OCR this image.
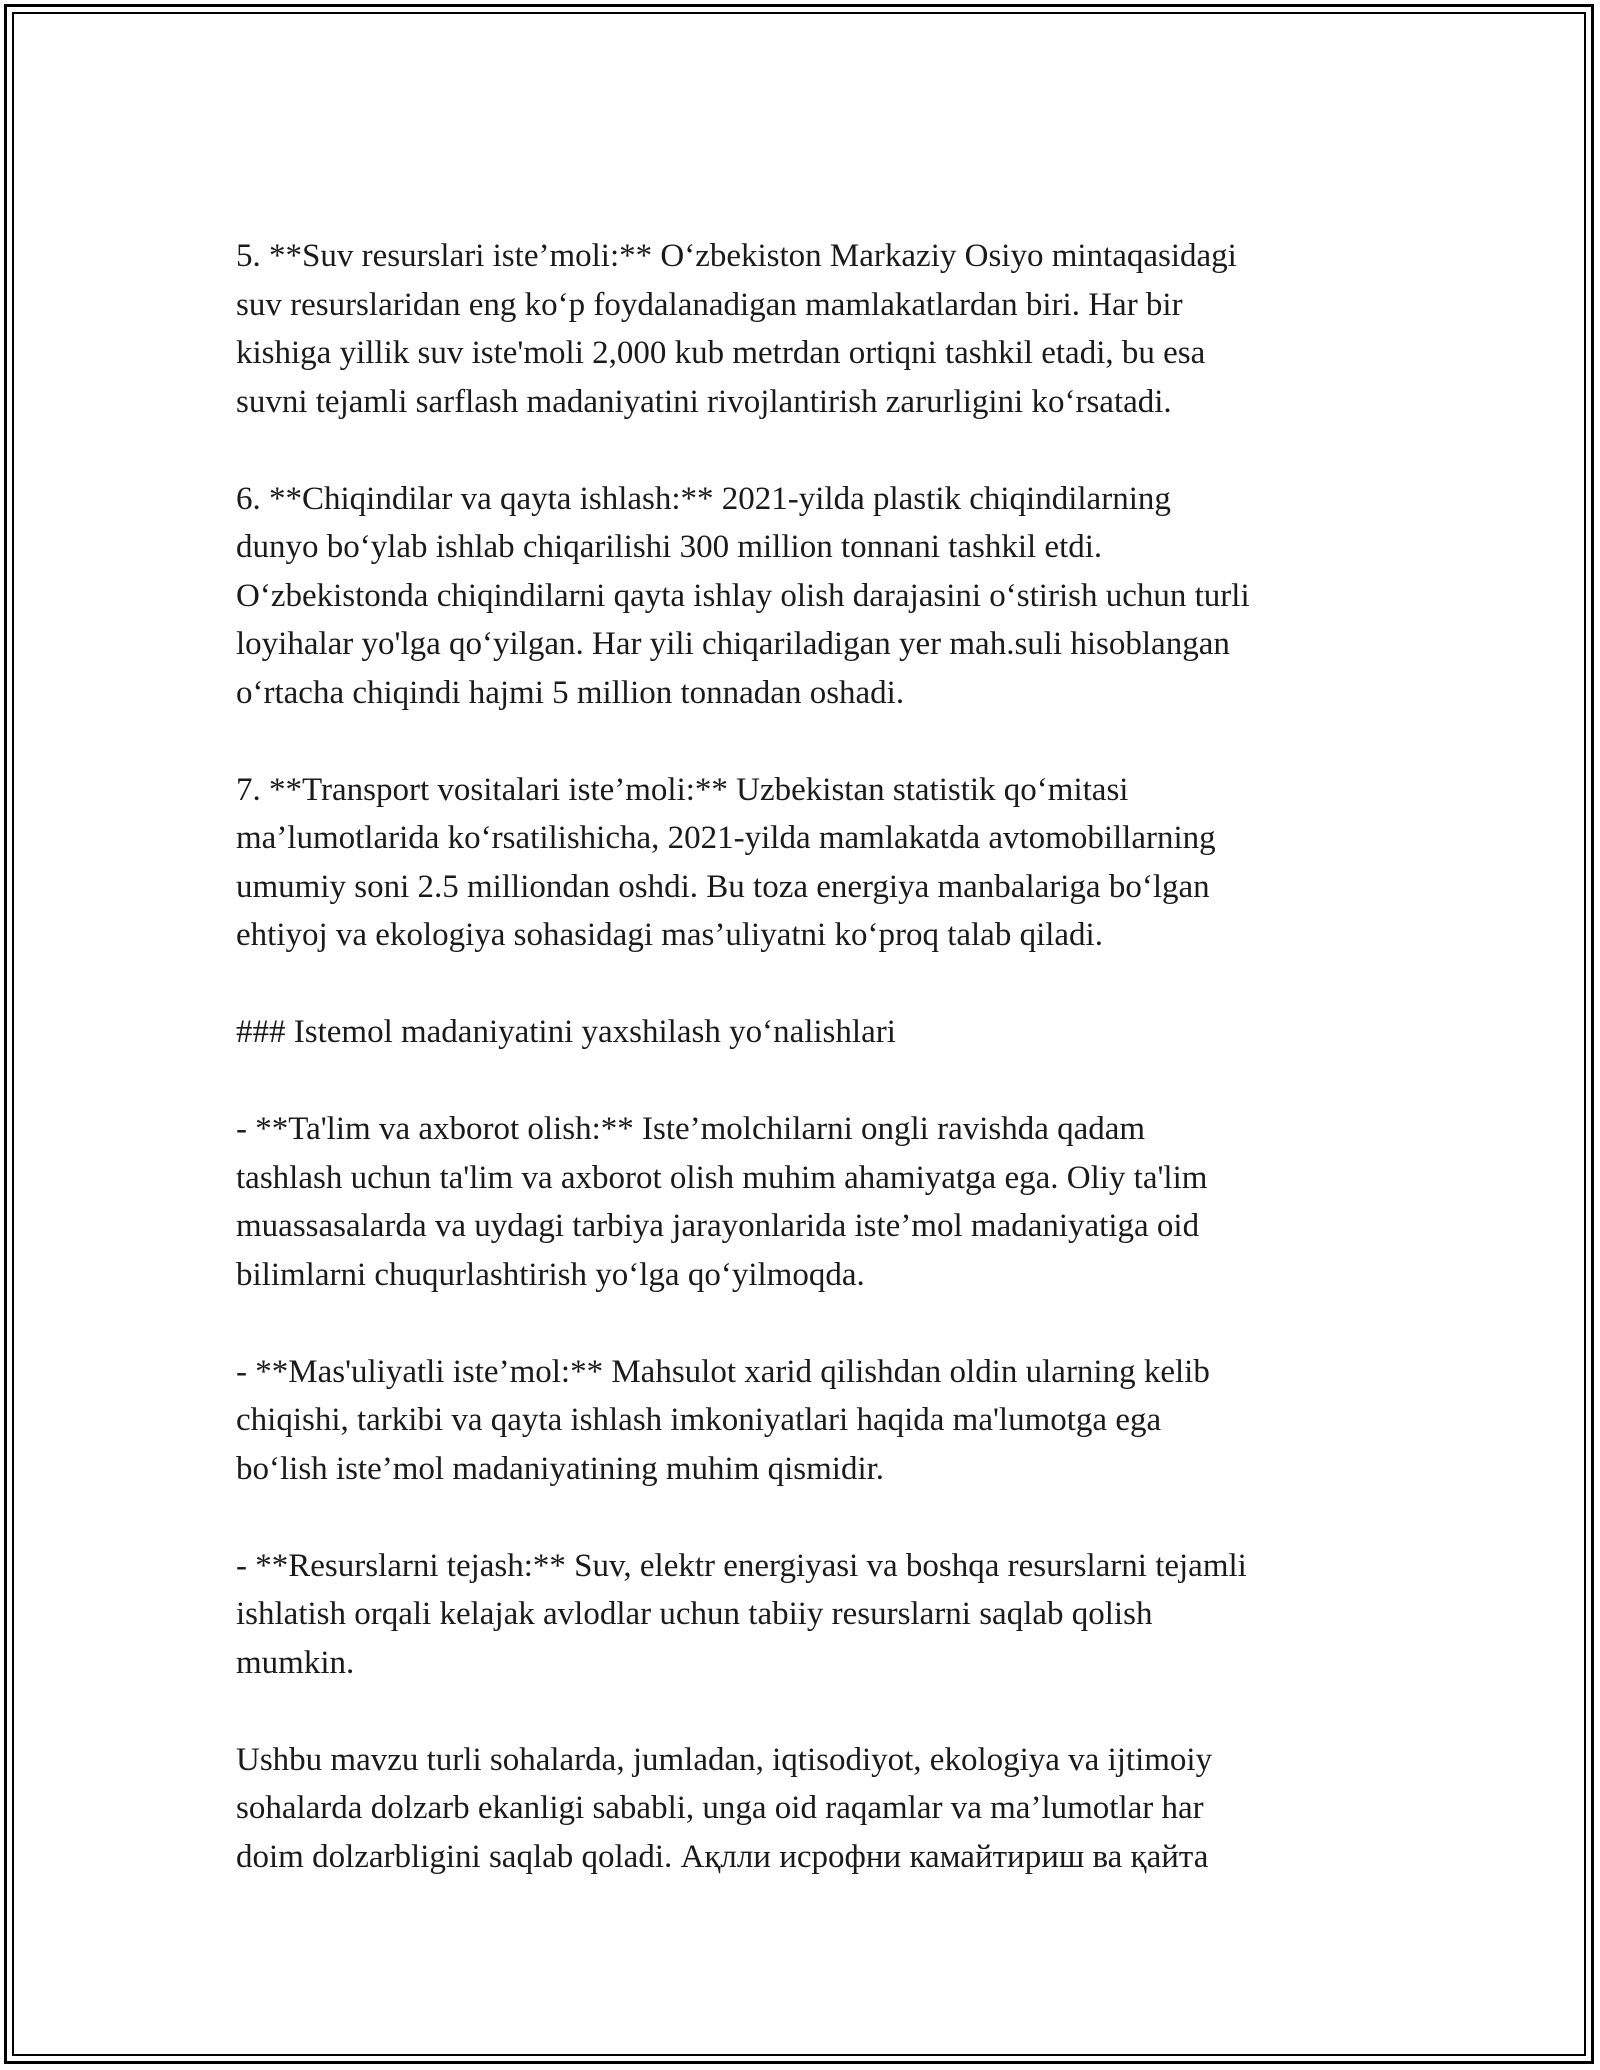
5. **Suv resurslari iste’moli:** O‘zbekiston Markaziy Osiyo mintaqasidagi
suv resurslaridan eng ko‘p foydalanadigan mamlakatlardan biri. Har bir
kishiga yillik suv iste'moli 2,000 kub metrdan ortiqni tashkil etadi, bu esa
suvni tejamli sarflash madaniyatini rivojlantirish zarurligini ko‘rsatadi.

6. **Chiqindilar va qayta ishlash:** 2021-yilda plastik chiqindilarning
dunyo bo‘ylab ishlab chiqarilishi 300 million tonnani tashkil etdi.
O‘zbekistonda chiqindilarni qayta ishlay olish darajasini o‘stirish uchun turli
loyihalar yo'lga qo‘yilgan. Har yili chiqariladigan yer mah.suli hisoblangan
o‘rtacha chiqindi hajmi 5 million tonnadan oshadi.

7. **Transport vositalari iste’moli:** Uzbekistan statistik qo‘mitasi
ma’lumotlarida ko‘rsatilishicha, 2021-yilda mamlakatda avtomobillarning
umumiy soni 2.5 milliondan oshdi. Bu toza energiya manbalariga bo‘lgan
ehtiyoj va ekologiya sohasidagi mas’uliyatni ko‘proq talab qiladi.

### Istemol madaniyatini yaxshilash yo‘nalishlari

- **Ta'lim va axborot olish:** Iste’molchilarni ongli ravishda qadam
tashlash uchun ta'lim va axborot olish muhim ahamiyatga ega. Oliy ta'lim
muassasalarda va uydagi tarbiya jarayonlarida iste’mol madaniyatiga oid
bilimlarni chuqurlashtirish yo‘lga qo‘yilmoqda.

- **Mas'uliyatli iste’mol:** Mahsulot xarid qilishdan oldin ularning kelib
chiqishi, tarkibi va qayta ishlash imkoniyatlari haqida ma'lumotga ega
bo‘lish iste’mol madaniyatining muhim qismidir.

- **Resurslarni tejash:** Suv, elektr energiyasi va boshqa resurslarni tejamli
ishlatish orqali kelajak avlodlar uchun tabiiy resurslarni saqlab qolish
mumkin.

Ushbu mavzu turli sohalarda, jumladan, iqtisodiyot, ekologiya va ijtimoiy
sohalarda dolzarb ekanligi sababli, unga oid raqamlar va ma’lumotlar har
doim dolzarbligini saqlab qoladi. Ақлли исрофни камайтириш ва қайта
